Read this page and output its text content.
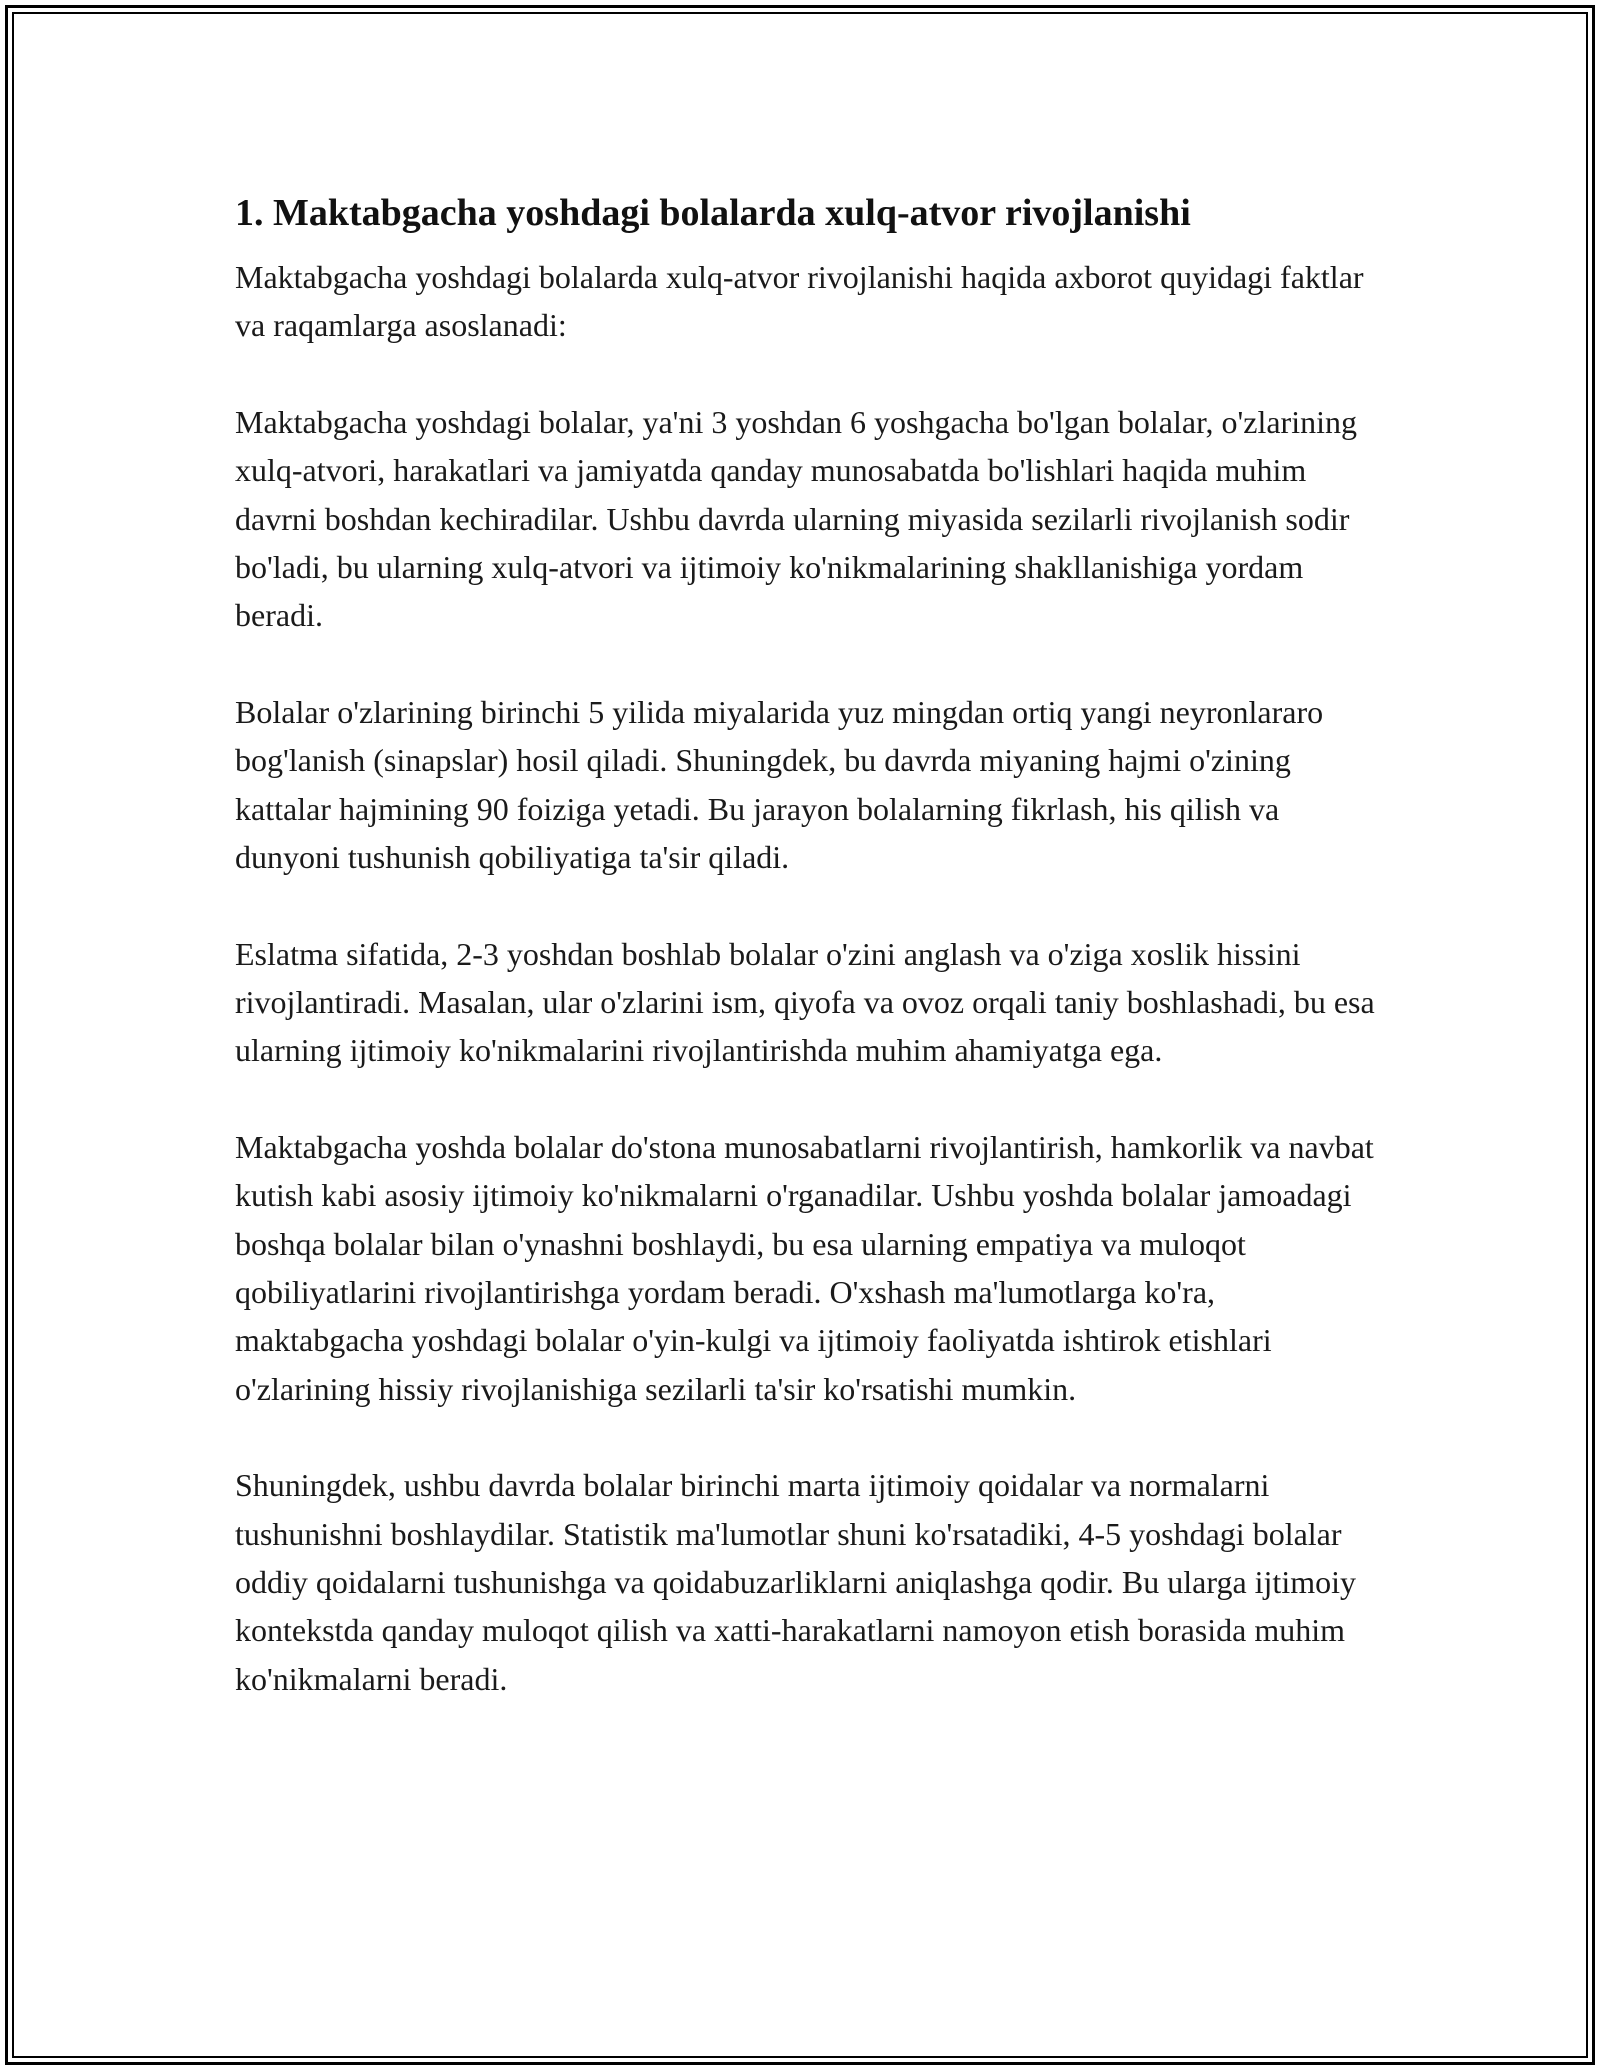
1. Maktabgacha yoshdagi bolalarda xulq-atvor rivojlanishi

Maktabgacha yoshdagi bolalarda xulq-atvor rivojlanishi haqida axborot quyidagi faktlar va raqamlarga asoslanadi:

Maktabgacha yoshdagi bolalar, ya'ni 3 yoshdan 6 yoshgacha bo'lgan bolalar, o'zlarining xulq-atvori, harakatlari va jamiyatda qanday munosabatda bo'lishlari haqida muhim davrni boshdan kechiradilar. Ushbu davrda ularning miyasida sezilarli rivojlanish sodir bo'ladi, bu ularning xulq-atvori va ijtimoiy ko'nikmalarining shakllanishiga yordam beradi.

Bolalar o'zlarining birinchi 5 yilida miyalarida yuz mingdan ortiq yangi neyronlararo bog'lanish (sinapslar) hosil qiladi. Shuningdek, bu davrda miyaning hajmi o'zining kattalar hajmining 90 foiziga yetadi. Bu jarayon bolalarning fikrlash, his qilish va dunyoni tushunish qobiliyatiga ta'sir qiladi.

Eslatma sifatida, 2-3 yoshdan boshlab bolalar o'zini anglash va o'ziga xoslik hissini rivojlantiradi. Masalan, ular o'zlarini ism, qiyofa va ovoz orqali taniy boshlashadi, bu esa ularning ijtimoiy ko'nikmalarini rivojlantirishda muhim ahamiyatga ega.

Maktabgacha yoshda bolalar do'stona munosabatlarni rivojlantirish, hamkorlik va navbat kutish kabi asosiy ijtimoiy ko'nikmalarni o'rganadilar. Ushbu yoshda bolalar jamoadagi boshqa bolalar bilan o'ynashni boshlaydi, bu esa ularning empatiya va muloqot qobiliyatlarini rivojlantirishga yordam beradi. O'xshash ma'lumotlarga ko'ra, maktabgacha yoshdagi bolalar o'yin-kulgi va ijtimoiy faoliyatda ishtirok etishlari o'zlarining hissiy rivojlanishiga sezilarli ta'sir ko'rsatishi mumkin.

Shuningdek, ushbu davrda bolalar birinchi marta ijtimoiy qoidalar va normalarni tushunishni boshlaydilar. Statistik ma'lumotlar shuni ko'rsatadiki, 4-5 yoshdagi bolalar oddiy qoidalarni tushunishga va qoidabuzarliklarni aniqlashga qodir. Bu ularga ijtimoiy kontekstda qanday muloqot qilish va xatti-harakatlarni namoyon etish borasida muhim ko'nikmalarni beradi.
